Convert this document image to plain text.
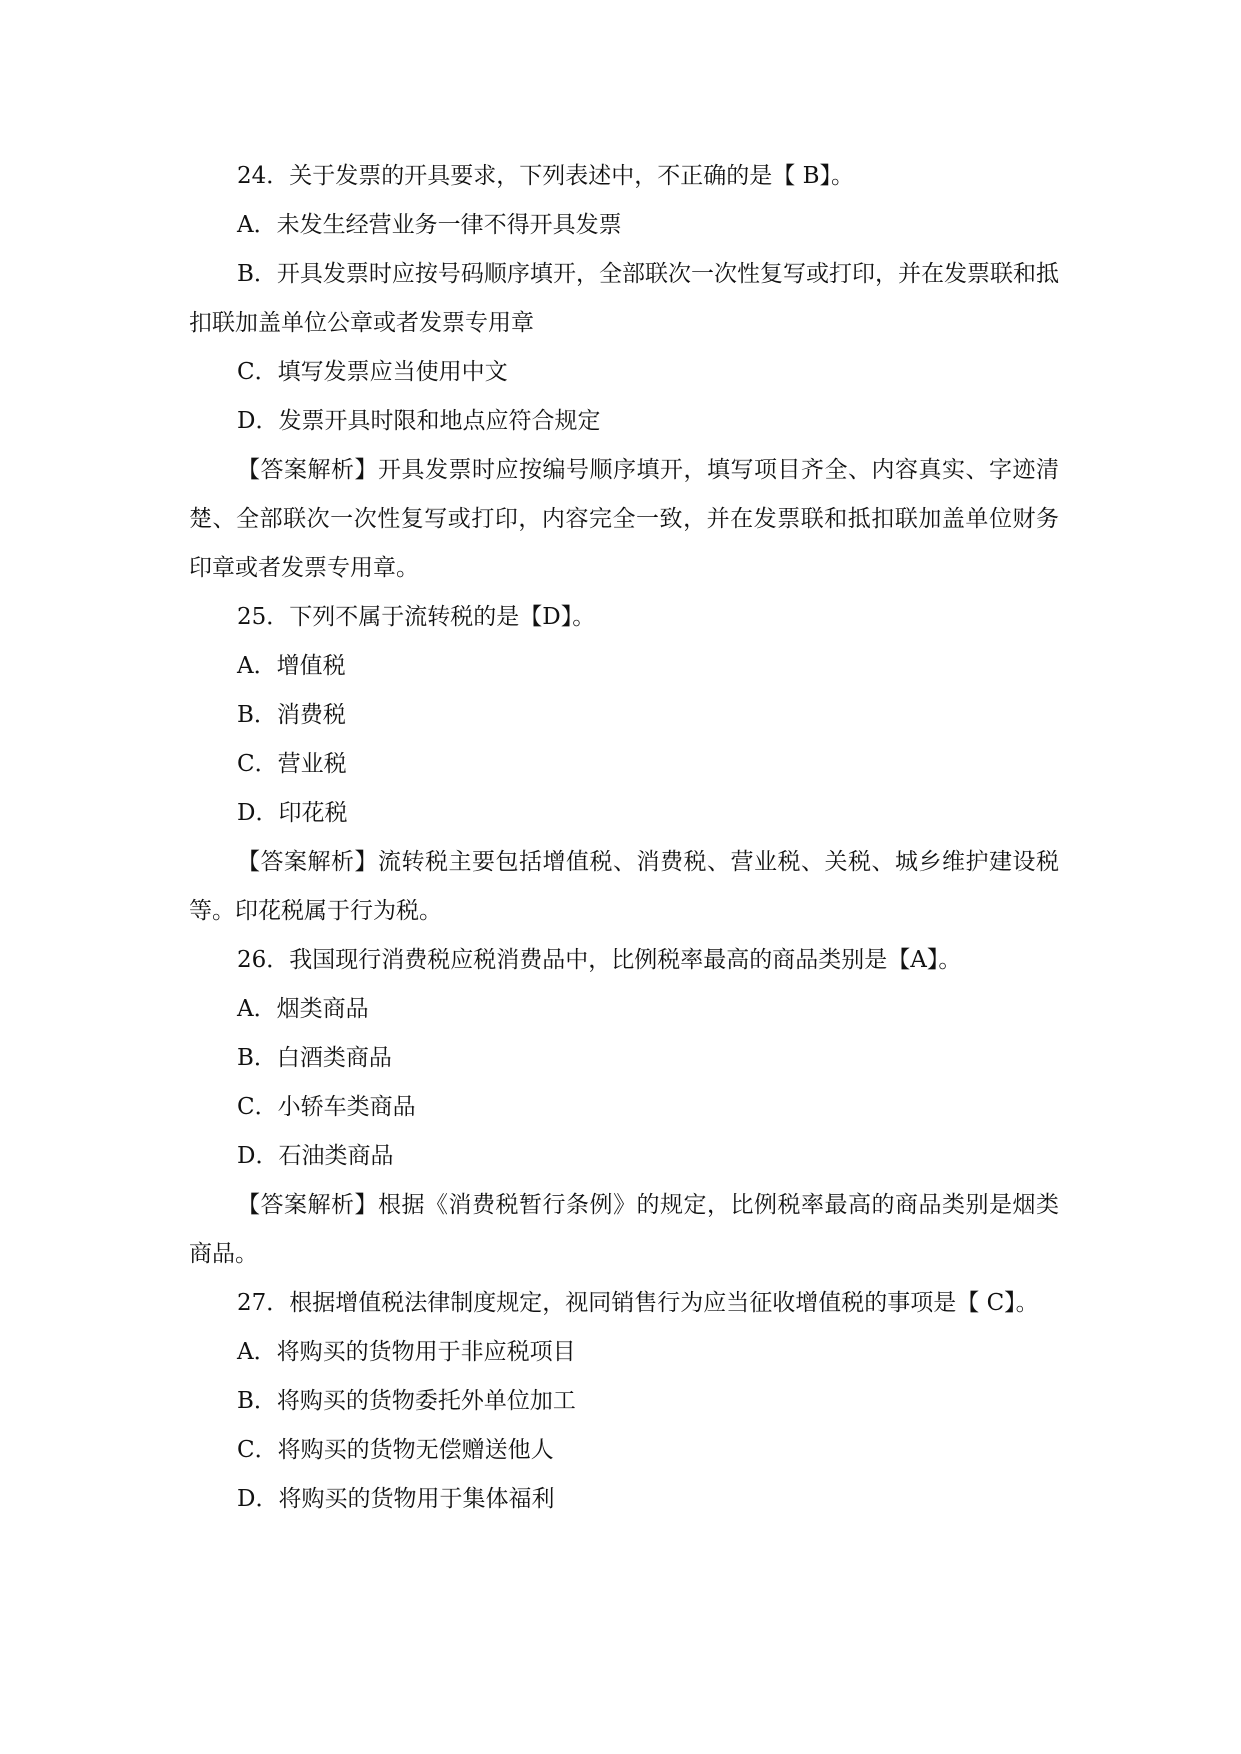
24．关于发票的开具要求，下列表述中，不正确的是【 B】。

A．未发生经营业务一律不得开具发票

B．开具发票时应按号码顺序填开，全部联次一次性复写或打印，并在发票联和抵扣联加盖单位公章或者发票专用章

C．填写发票应当使用中文

D．发票开具时限和地点应符合规定

【答案解析】开具发票时应按编号顺序填开，填写项目齐全、内容真实、字迹清楚、全部联次一次性复写或打印，内容完全一致，并在发票联和抵扣联加盖单位财务印章或者发票专用章。

25．下列不属于流转税的是【D】。

A．增值税

B．消费税

C．营业税

D．印花税

【答案解析】流转税主要包括增值税、消费税、营业税、关税、城乡维护建设税等。印花税属于行为税。

26．我国现行消费税应税消费品中，比例税率最高的商品类别是【A】。

A．烟类商品

B．白酒类商品

C．小轿车类商品

D．石油类商品

【答案解析】根据《消费税暂行条例》的规定，比例税率最高的商品类别是烟类商品。

27．根据增值税法律制度规定，视同销售行为应当征收增值税的事项是【 C】。

A．将购买的货物用于非应税项目

B．将购买的货物委托外单位加工

C．将购买的货物无偿赠送他人

D．将购买的货物用于集体福利
